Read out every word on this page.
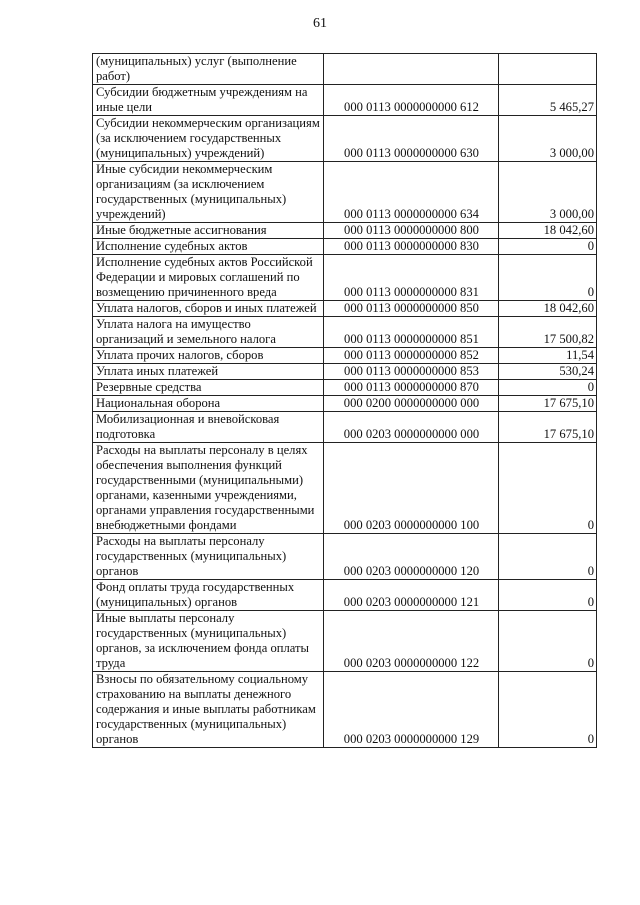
61
(муниципальных) услуг (выполнение работ)		
Субсидии бюджетным учреждениям на иные цели	000 0113 0000000000 612	5 465,27
Субсидии некоммерческим организациям (за исключением государственных (муниципальных) учреждений)	000 0113 0000000000 630	3 000,00
Иные субсидии некоммерческим организациям (за исключением государственных (муниципальных) учреждений)	000 0113 0000000000 634	3 000,00
Иные бюджетные ассигнования	000 0113 0000000000 800	18 042,60
Исполнение судебных актов	000 0113 0000000000 830	0
Исполнение судебных актов Российской Федерации и мировых соглашений по возмещению причиненного вреда	000 0113 0000000000 831	0
Уплата налогов, сборов и иных платежей	000 0113 0000000000 850	18 042,60
Уплата налога на имущество организаций и земельного налога	000 0113 0000000000 851	17 500,82
Уплата прочих налогов, сборов	000 0113 0000000000 852	11,54
Уплата иных платежей	000 0113 0000000000 853	530,24
Резервные средства	000 0113 0000000000 870	0
Национальная оборона	000 0200 0000000000 000	17 675,10
Мобилизационная и вневойсковая подготовка	000 0203 0000000000 000	17 675,10
Расходы на выплаты персоналу в целях обеспечения выполнения функций государственными (муниципальными) органами, казенными учреждениями, органами управления государственными внебюджетными фондами	000 0203 0000000000 100	0
Расходы на выплаты персоналу государственных (муниципальных) органов	000 0203 0000000000 120	0
Фонд оплаты труда государственных (муниципальных) органов	000 0203 0000000000 121	0
Иные выплаты персоналу государственных (муниципальных) органов, за исключением фонда оплаты труда	000 0203 0000000000 122	0
Взносы по обязательному социальному страхованию на выплаты денежного содержания и иные выплаты работникам государственных (муниципальных) органов	000 0203 0000000000 129	0
